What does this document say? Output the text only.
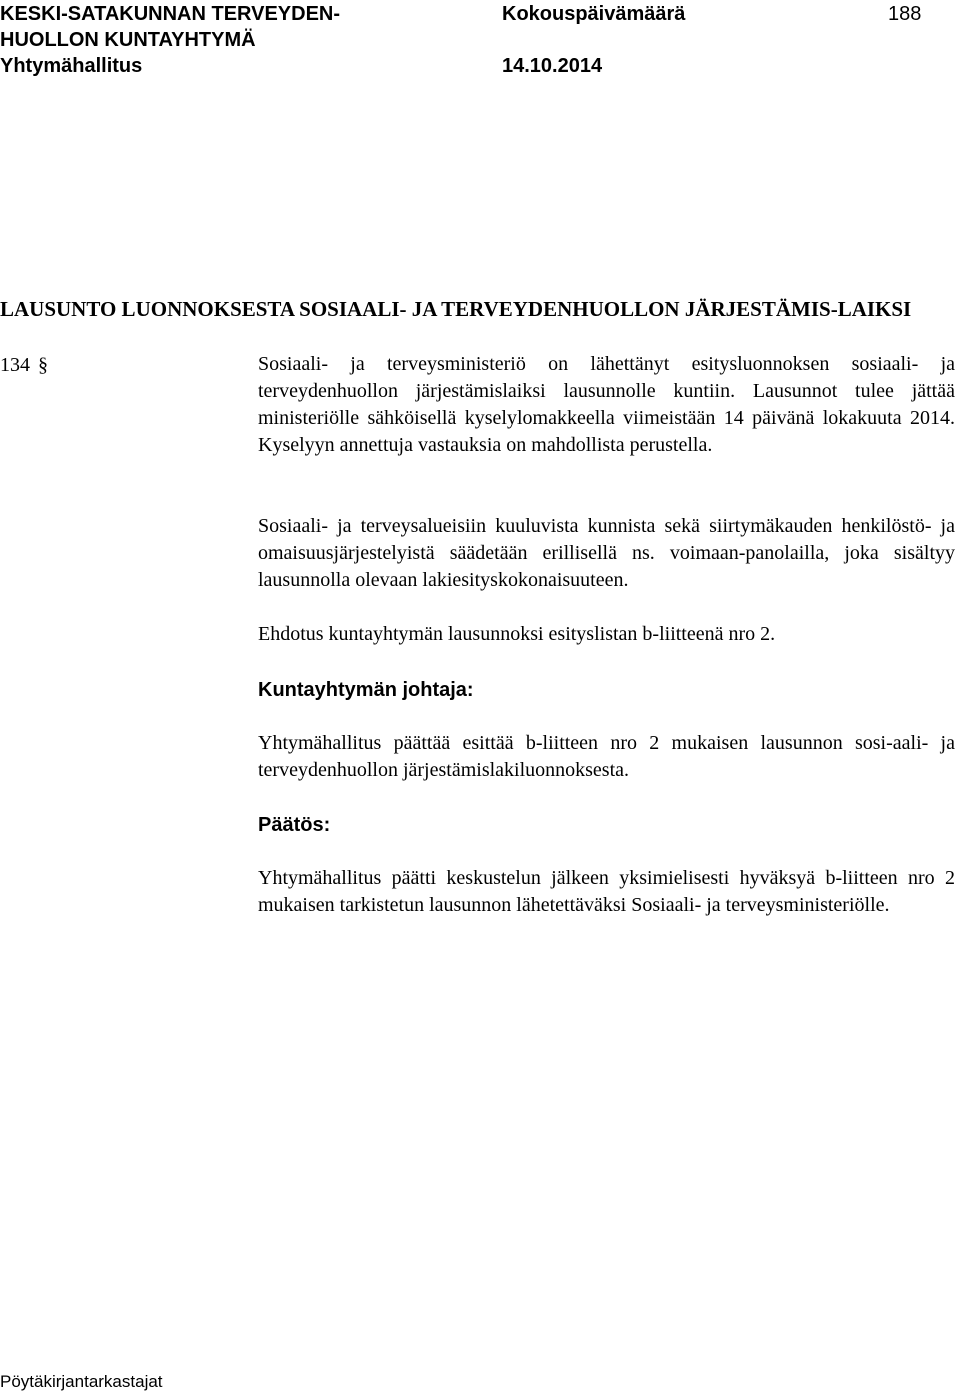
KESKI-SATAKUNNAN TERVEYDEN-
HUOLLON KUNTAYHTYMÄ
Yhtymähallitus
Kokouspäivämäärä
14.10.2014
188
LAUSUNTO LUONNOKSESTA SOSIAALI- JA TERVEYDENHUOLLON JÄRJESTÄMIS-LAIKSI
134 §	Sosiaali- ja terveysministeriö on lähettänyt esitysluonnoksen sosiaali- ja terveydenhuollon järjestämislaiksi lausunnolle kuntiin. Lausunnot tulee jättää ministeriölle sähköisellä kyselylomakkeella viimeistään 14 päivänä lokakuuta 2014. Kyselyyn annettuja vastauksia on mahdollista perustella.

Sosiaali- ja terveysalueisiin kuuluvista kunnista sekä siirtymäkauden henkilöstö- ja omaisuusjärjestelyistä säädetään erillisellä ns. voimaan-panolailla, joka sisältyy lausunnolla olevaan lakiesityskokonaisuuteen.

Ehdotus kuntayhtymän lausunnoksi esityslistan b-liitteenä nro 2.

Kuntayhtymän johtaja:

Yhtymähallitus päättää esittää b-liitteen nro 2 mukaisen lausunnon sosi-aali- ja terveydenhuollon järjestämislakiluonnoksesta.

Päätös:

Yhtymähallitus päätti keskustelun jälkeen yksimielisesti hyväksyä b-liitteen nro 2 mukaisen tarkistetun lausunnon lähetettäväksi Sosiaali- ja terveysministeriölle.

Pöytäkirjantarkastajat
